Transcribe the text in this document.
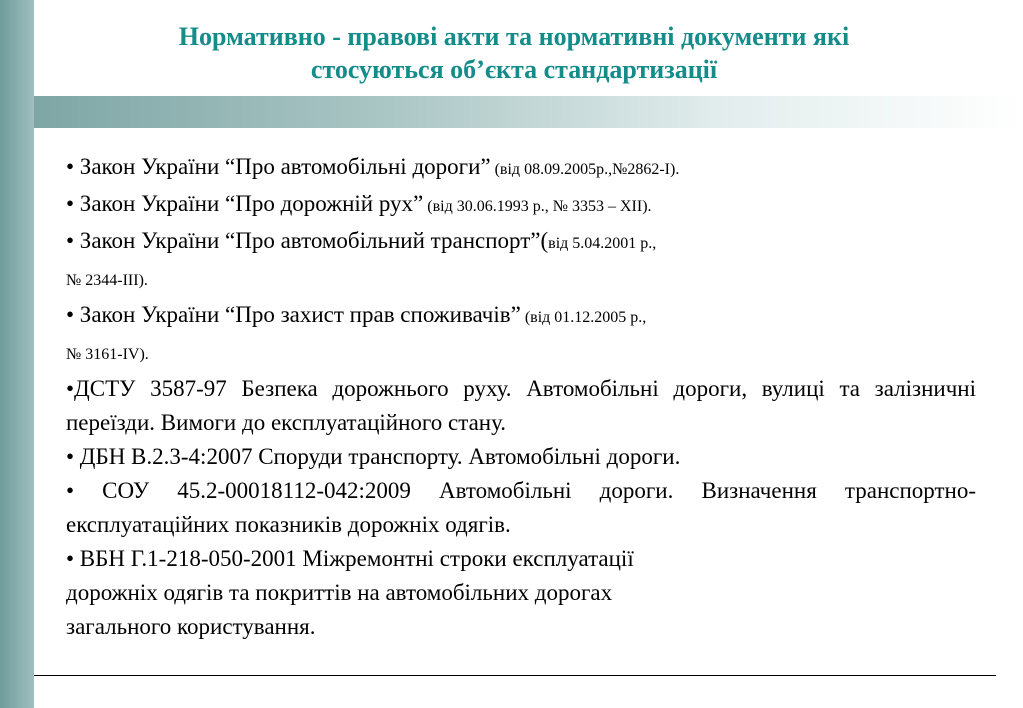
Нормативно - правові акти та нормативні документи які
стосуються об’єкта стандартизації

• Закон України “Про автомобільні дороги” (від 08.09.2005р.,№2862-І).

• Закон України “Про дорожній рух” (від 30.06.1993 р., № 3353 – XII).

• Закон України “Про автомобільний транспорт”(від 5.04.2001 р.,
№ 2344-ІІІ).

• Закон України “Про захист прав споживачів” (від 01.12.2005 р.,
№ 3161-IV).

•ДСТУ 3587-97 Безпека дорожнього руху. Автомобільні дороги, вулиці та залізничні переїзди. Вимоги до експлуатаційного стану.

• ДБН В.2.3-4:2007 Споруди транспорту. Автомобільні дороги.

• СОУ 45.2-00018112-042:2009 Автомобільні дороги. Визначення транспортно-експлуатаційних показників дорожніх одягів.

• ВБН Г.1-218-050-2001 Міжремонтні строки експлуатації
дорожніх одягів та покриттів на автомобільних дорогах
загального користування.
